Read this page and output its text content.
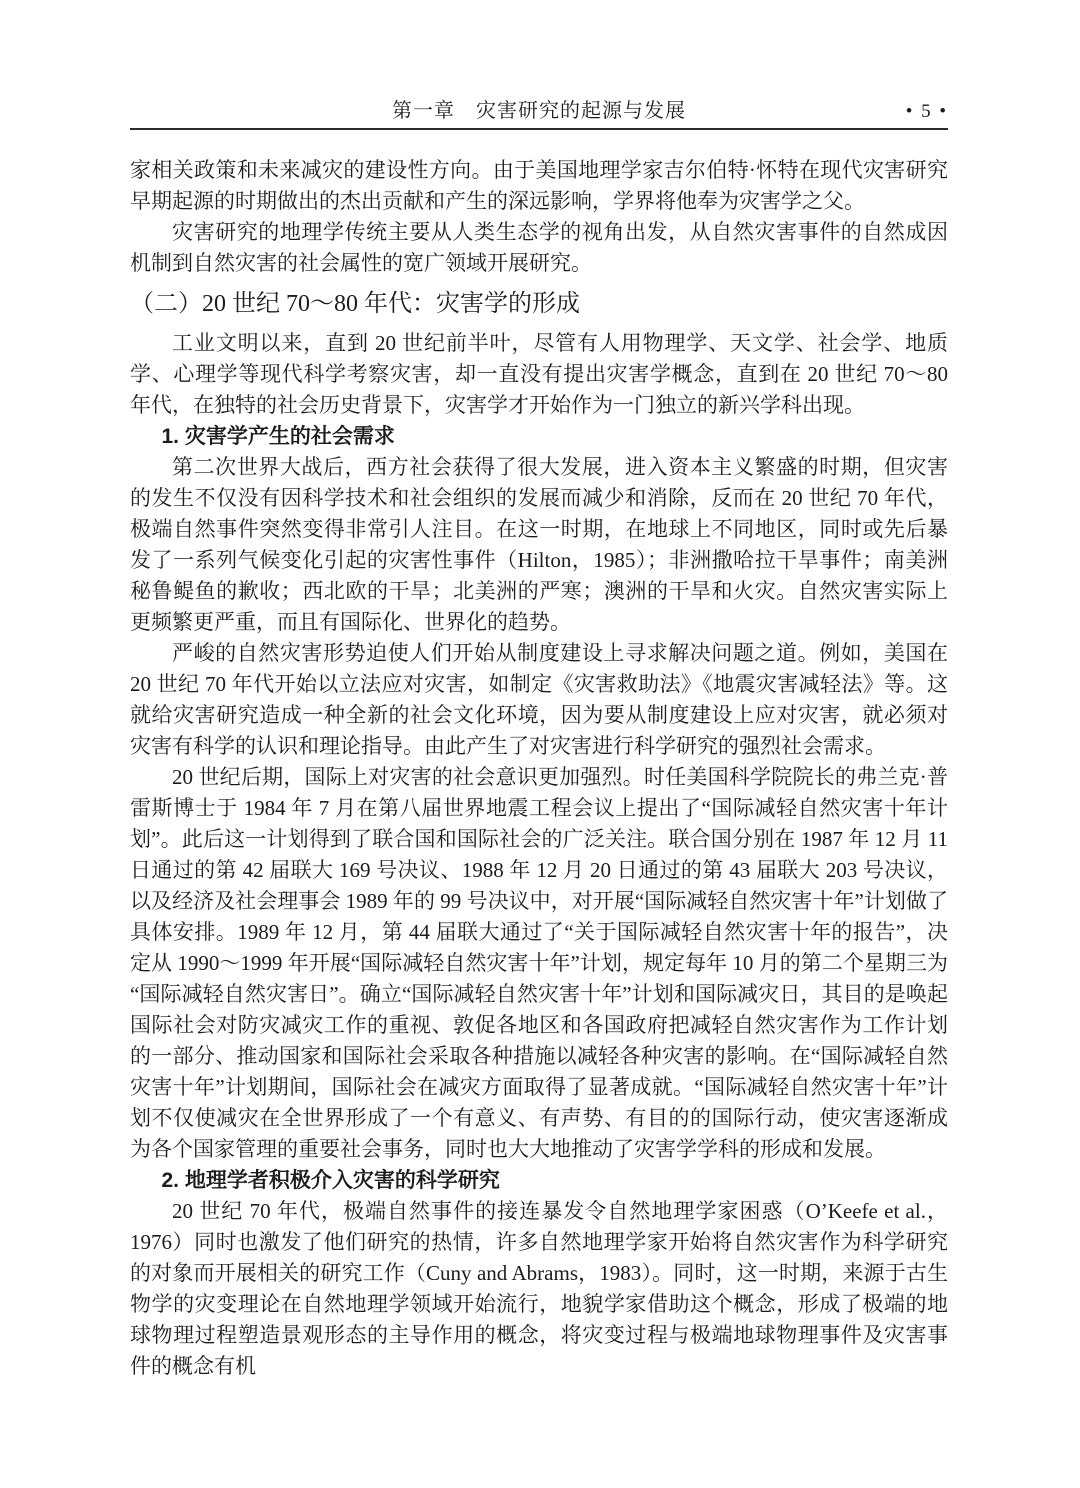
第一章　灾害研究的起源与发展	• 5 •

家相关政策和未来减灾的建设性方向。由于美国地理学家吉尔伯特·怀特在现代灾害研究早期起源的时期做出的杰出贡献和产生的深远影响，学界将他奉为灾害学之父。

灾害研究的地理学传统主要从人类生态学的视角出发，从自然灾害事件的自然成因机制到自然灾害的社会属性的宽广领域开展研究。

（二）20 世纪 70～80 年代：灾害学的形成

工业文明以来，直到 20 世纪前半叶，尽管有人用物理学、天文学、社会学、地质学、心理学等现代科学考察灾害，却一直没有提出灾害学概念，直到在 20 世纪 70～80 年代，在独特的社会历史背景下，灾害学才开始作为一门独立的新兴学科出现。

1. 灾害学产生的社会需求

第二次世界大战后，西方社会获得了很大发展，进入资本主义繁盛的时期，但灾害的发生不仅没有因科学技术和社会组织的发展而减少和消除，反而在 20 世纪 70 年代，极端自然事件突然变得非常引人注目。在这一时期，在地球上不同地区，同时或先后暴发了一系列气候变化引起的灾害性事件（Hilton，1985）；非洲撒哈拉干旱事件；南美洲秘鲁鳀鱼的歉收；西北欧的干旱；北美洲的严寒；澳洲的干旱和火灾。自然灾害实际上更频繁更严重，而且有国际化、世界化的趋势。

严峻的自然灾害形势迫使人们开始从制度建设上寻求解决问题之道。例如，美国在 20 世纪 70 年代开始以立法应对灾害，如制定《灾害救助法》《地震灾害减轻法》等。这就给灾害研究造成一种全新的社会文化环境，因为要从制度建设上应对灾害，就必须对灾害有科学的认识和理论指导。由此产生了对灾害进行科学研究的强烈社会需求。

20 世纪后期，国际上对灾害的社会意识更加强烈。时任美国科学院院长的弗兰克·普雷斯博士于 1984 年 7 月在第八届世界地震工程会议上提出了“国际减轻自然灾害十年计划”。此后这一计划得到了联合国和国际社会的广泛关注。联合国分别在 1987 年 12 月 11 日通过的第 42 届联大 169 号决议、1988 年 12 月 20 日通过的第 43 届联大 203 号决议，以及经济及社会理事会 1989 年的 99 号决议中，对开展“国际减轻自然灾害十年”计划做了具体安排。1989 年 12 月，第 44 届联大通过了“关于国际减轻自然灾害十年的报告”，决定从 1990～1999 年开展“国际减轻自然灾害十年”计划，规定每年 10 月的第二个星期三为“国际减轻自然灾害日”。确立“国际减轻自然灾害十年”计划和国际减灾日，其目的是唤起国际社会对防灾减灾工作的重视、敦促各地区和各国政府把减轻自然灾害作为工作计划的一部分、推动国家和国际社会采取各种措施以减轻各种灾害的影响。在“国际减轻自然灾害十年”计划期间，国际社会在减灾方面取得了显著成就。“国际减轻自然灾害十年”计划不仅使减灾在全世界形成了一个有意义、有声势、有目的的国际行动，使灾害逐渐成为各个国家管理的重要社会事务，同时也大大地推动了灾害学学科的形成和发展。

2. 地理学者积极介入灾害的科学研究

20 世纪 70 年代，极端自然事件的接连暴发令自然地理学家困惑（O’Keefe et al.，1976）同时也激发了他们研究的热情，许多自然地理学家开始将自然灾害作为科学研究的对象而开展相关的研究工作（Cuny and Abrams，1983）。同时，这一时期，来源于古生物学的灾变理论在自然地理学领域开始流行，地貌学家借助这个概念，形成了极端的地球物理过程塑造景观形态的主导作用的概念，将灾变过程与极端地球物理事件及灾害事件的概念有机
